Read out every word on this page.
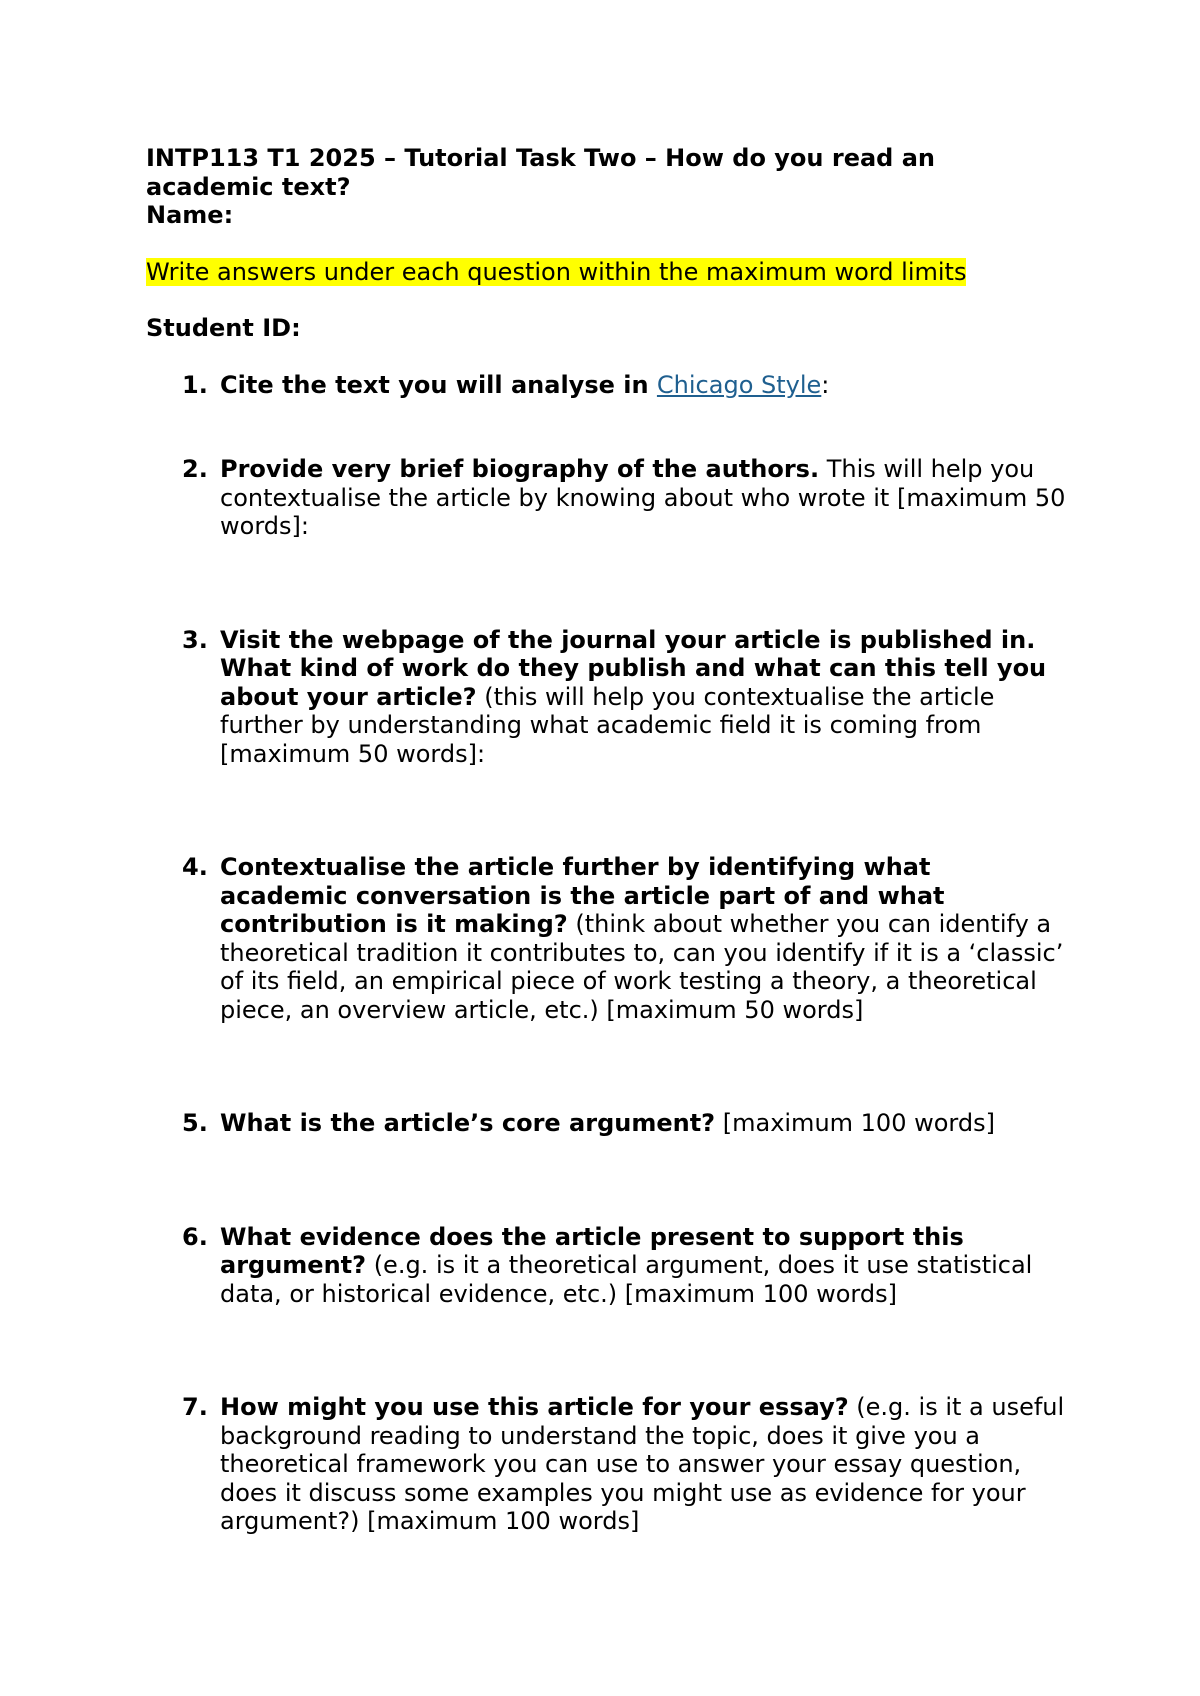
INTP113 T1 2025 – Tutorial Task Two – How do you read an academic text?

Name:

Write answers under each question within the maximum word limits

Student ID:

1. Cite the text you will analyse in Chicago Style:
2. Provide very brief biography of the authors. This will help you contextualise the article by knowing about who wrote it [maximum 50 words]:
3. Visit the webpage of the journal your article is published in. What kind of work do they publish and what can this tell you about your article? (this will help you contextualise the article further by understanding what academic field it is coming from [maximum 50 words]:
4. Contextualise the article further by identifying what academic conversation is the article part of and what contribution is it making? (think about whether you can identify a theoretical tradition it contributes to, can you identify if it is a ‘classic’ of its field, an empirical piece of work testing a theory, a theoretical piece, an overview article, etc.) [maximum 50 words]
5. What is the article’s core argument? [maximum 100 words]
6. What evidence does the article present to support this argument? (e.g. is it a theoretical argument, does it use statistical data, or historical evidence, etc.) [maximum 100 words]
7. How might you use this article for your essay? (e.g. is it a useful background reading to understand the topic, does it give you a theoretical framework you can use to answer your essay question, does it discuss some examples you might use as evidence for your argument?) [maximum 100 words]
